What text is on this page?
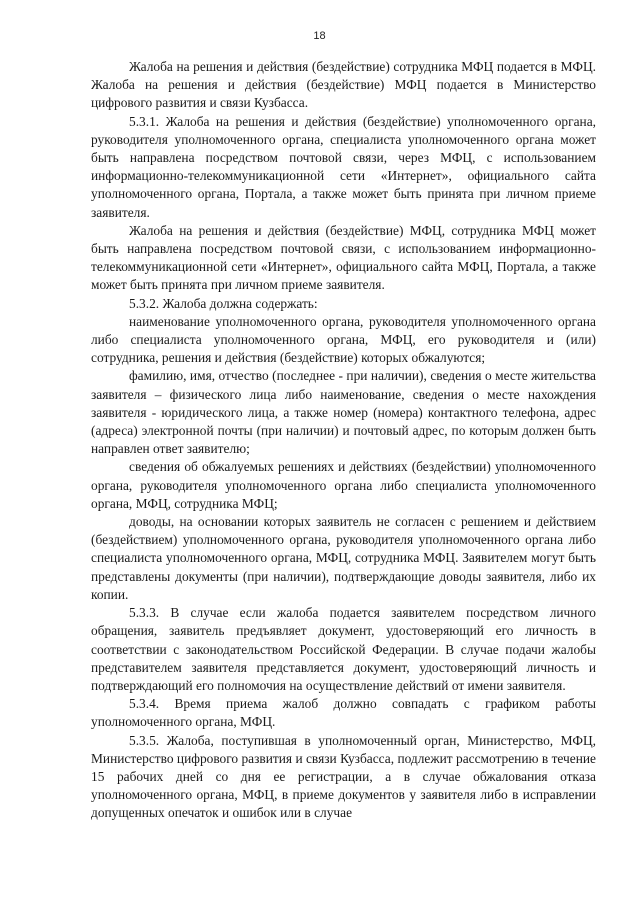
18

Жалоба на решения и действия (бездействие) сотрудника МФЦ подается в МФЦ. Жалоба на решения и действия (бездействие) МФЦ подается в Министерство цифрового развития и связи Кузбасса.

5.3.1. Жалоба на решения и действия (бездействие) уполномоченного органа, руководителя уполномоченного органа, специалиста уполномоченного органа может быть направлена посредством почтовой связи, через МФЦ, с использованием информационно-телекоммуникационной сети «Интернет», официального сайта уполномоченного органа, Портала, а также может быть принята при личном приеме заявителя.

Жалоба на решения и действия (бездействие) МФЦ, сотрудника МФЦ может быть направлена посредством почтовой связи, с использованием информационно-телекоммуникационной сети «Интернет», официального сайта МФЦ, Портала, а также может быть принята при личном приеме заявителя.

5.3.2. Жалоба должна содержать:

наименование уполномоченного органа, руководителя уполномоченного органа либо специалиста уполномоченного органа, МФЦ, его руководителя и (или) сотрудника, решения и действия (бездействие) которых обжалуются;

фамилию, имя, отчество (последнее - при наличии), сведения о месте жительства заявителя – физического лица либо наименование, сведения о месте нахождения заявителя - юридического лица, а также номер (номера) контактного телефона, адрес (адреса) электронной почты (при наличии) и почтовый адрес, по которым должен быть направлен ответ заявителю;

сведения об обжалуемых решениях и действиях (бездействии) уполномоченного органа, руководителя уполномоченного органа либо специалиста уполномоченного органа, МФЦ, сотрудника МФЦ;

доводы, на основании которых заявитель не согласен с решением и действием (бездействием) уполномоченного органа, руководителя уполномоченного органа либо специалиста уполномоченного органа, МФЦ, сотрудника МФЦ. Заявителем могут быть представлены документы (при наличии), подтверждающие доводы заявителя, либо их копии.

5.3.3. В случае если жалоба подается заявителем посредством личного обращения, заявитель предъявляет документ, удостоверяющий его личность в соответствии с законодательством Российской Федерации. В случае подачи жалобы представителем заявителя представляется документ, удостоверяющий личность и подтверждающий его полномочия на осуществление действий от имени заявителя.

5.3.4. Время приема жалоб должно совпадать с графиком работы уполномоченного органа, МФЦ.

5.3.5. Жалоба, поступившая в уполномоченный орган, Министерство, МФЦ, Министерство цифрового развития и связи Кузбасса, подлежит рассмотрению в течение 15 рабочих дней со дня ее регистрации, а в случае обжалования отказа уполномоченного органа, МФЦ, в приеме документов у заявителя либо в исправлении допущенных опечаток и ошибок или в случае
